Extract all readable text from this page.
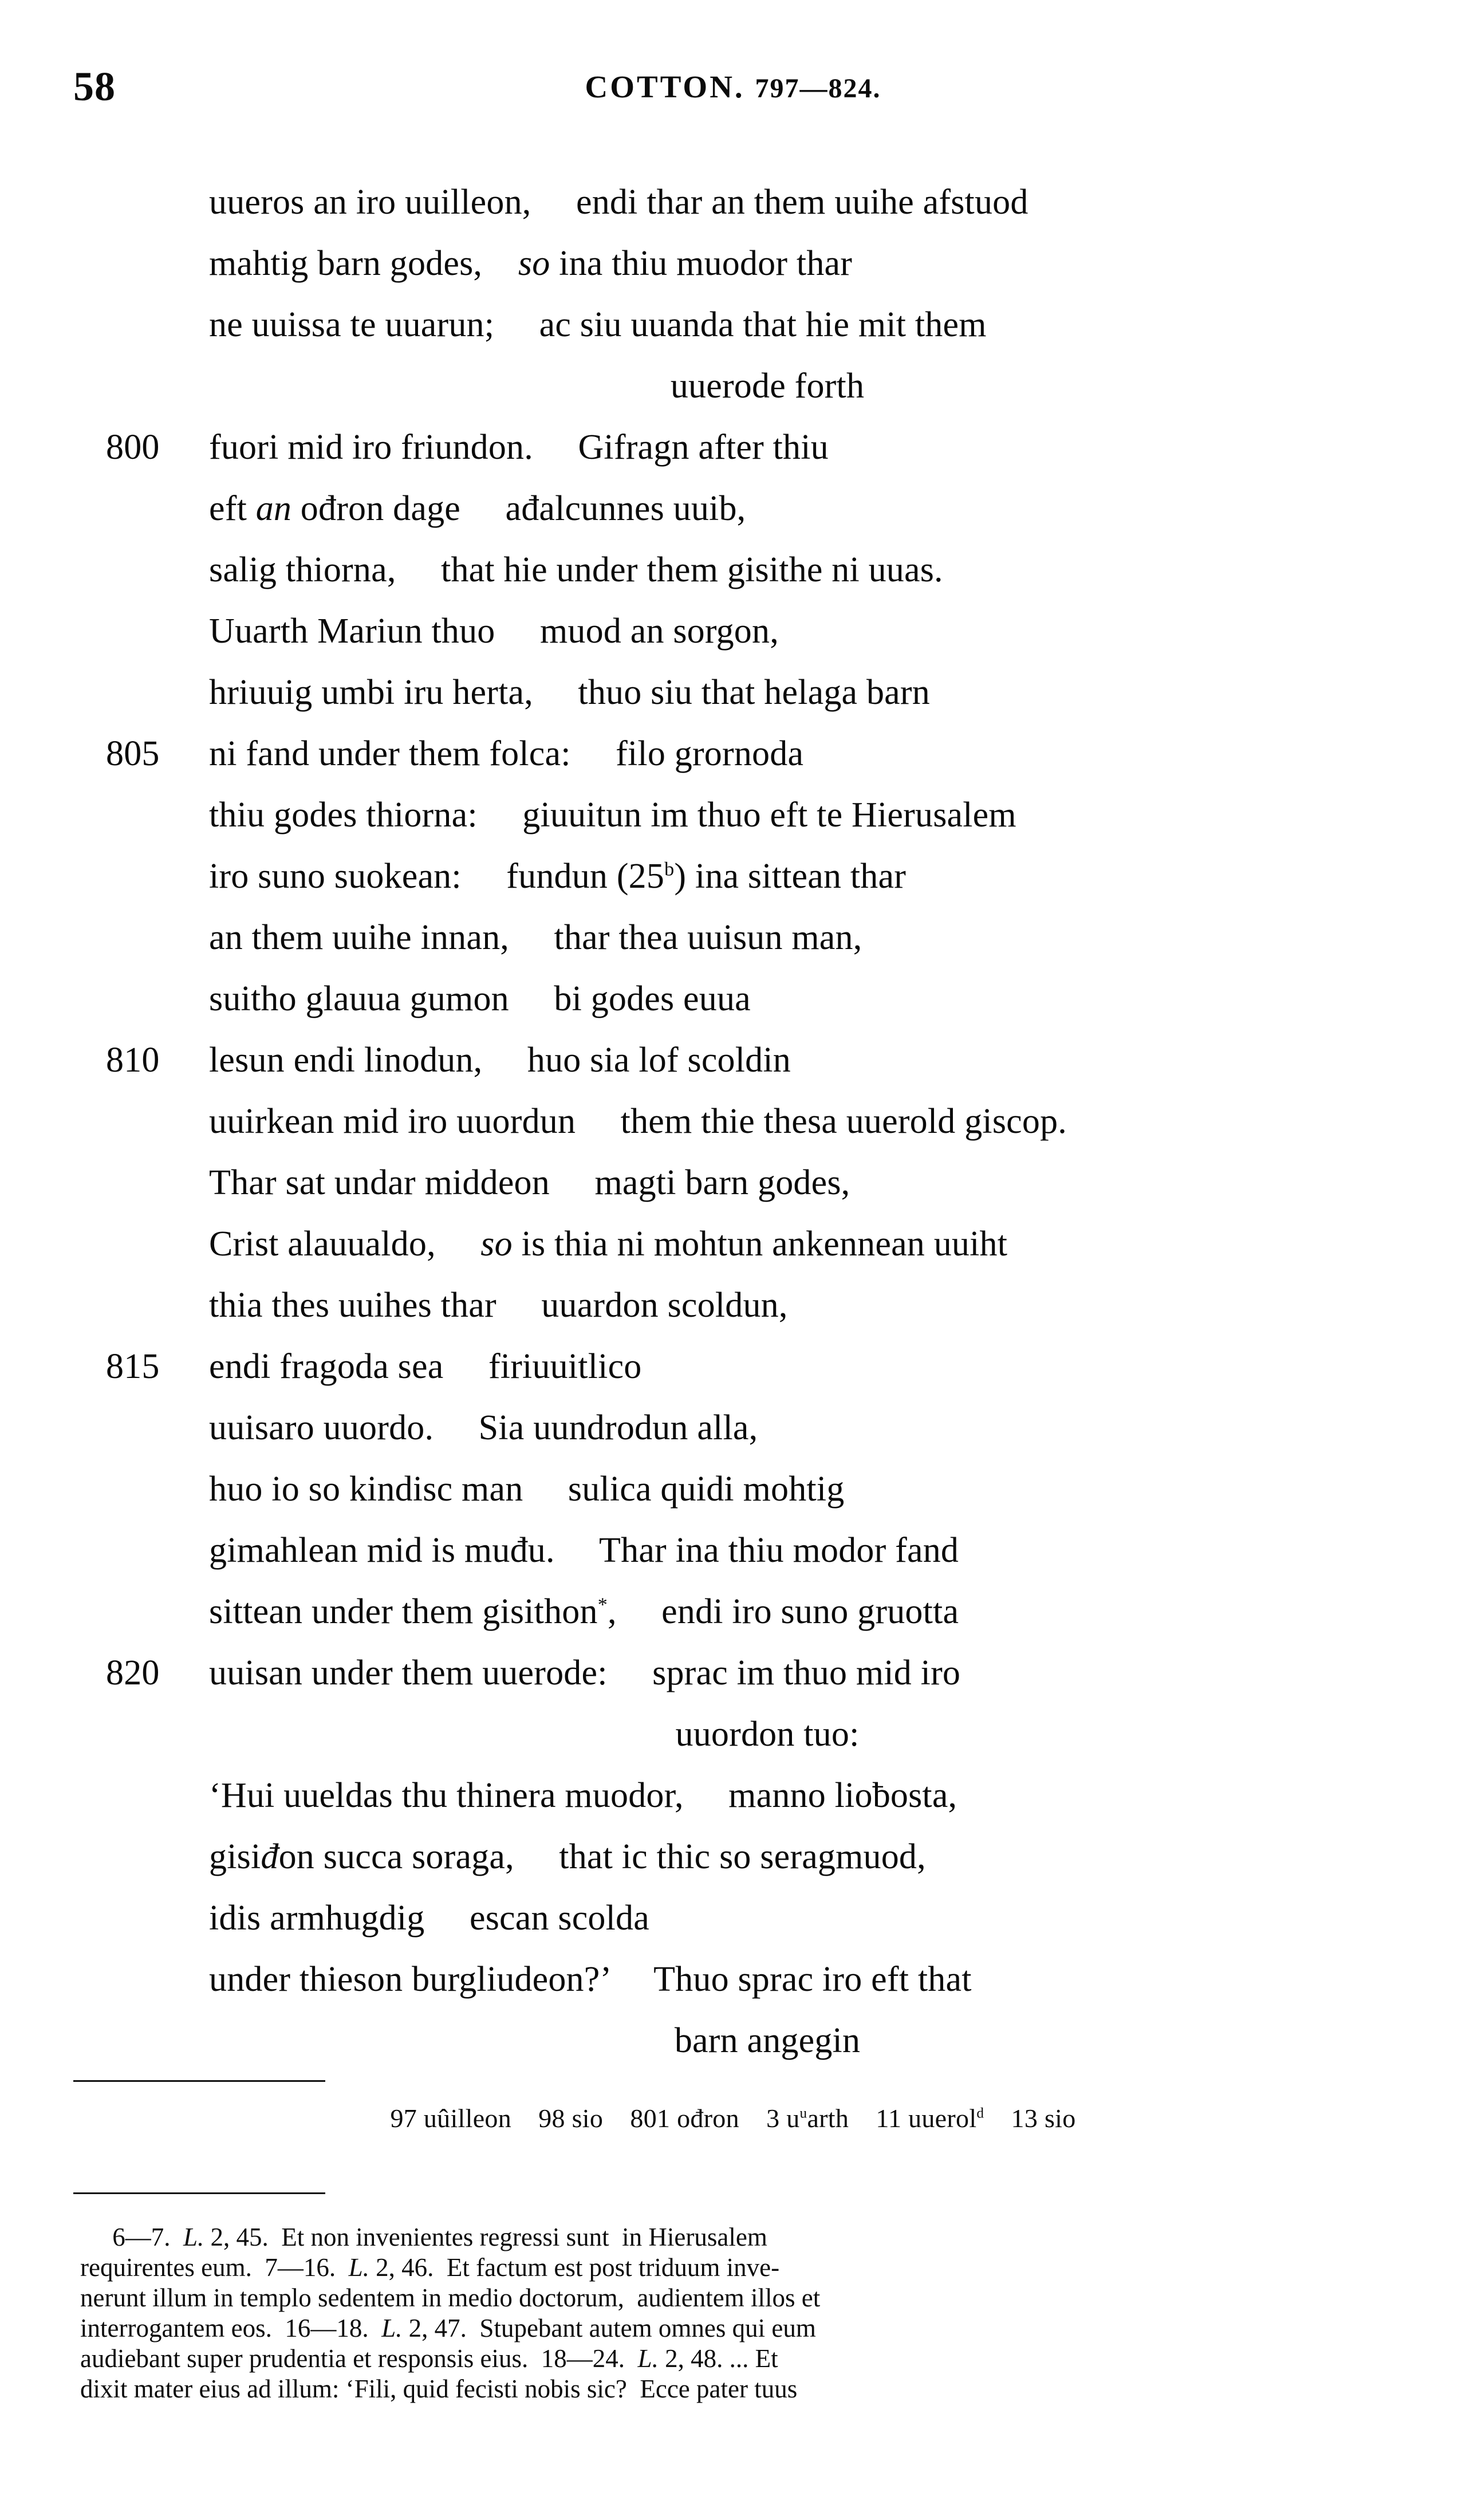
58	COTTON. 797—824.
uueros an iro uuilleon,     endi thar an them uuihe afstuod
mahtig barn godes,    so ina thiu muodor thar
ne uuissa te uuarun;     ac siu uuanda that hie mit them
uuerode forth
800	fuori mid iro friundon.     Gifragn after thiu
eft an ođron dage     ađalcunnes uuib,
salig thiorna,     that hie under them gisithe ni uuas.
Uuarth Mariun thuo     muod an sorgon,
hriuuig umbi iru herta,     thuo siu that helaga barn
805	ni fand under them folca:     filo grornoda
thiu godes thiorna:     giuuitun im thuo eft te Hierusalem
iro suno suokean:     fundun (25$^b$) ina sittean thar
an them uuihe innan,     thar thea uuisun man,
suitho glauua gumon     bi godes euua
810	lesun endi linodun,     huo sia lof scoldin
uuirkean mid iro uuordun     them thie thesa uuerold giscop.
Thar sat undar middeon     magti barn godes,
Crist alauualdo,     so is thia ni mohtun ankennean uuiht
thia thes uuihes thar     uuardon scoldun,
815	endi fragoda sea     firiuuitlico
uuisaro uuordo.     Sia uundrodun alla,
huo io so kindisc man     sulica quidi mohtig
gimahlean mid is muđu.     Thar ina thiu modor fand
sittean under them gisithon*,     endi iro suno gruotta
820	uuisan under them uuerode:     sprac im thuo mid iro
uuordon tuo:
‘Hui uueldas thu thinera muodor,     manno lioƀosta,
gisiđon succa soraga,     that ic thic so seragmuod,
idis armhugdig     escan scolda
under thieson burgliudeon?’     Thuo sprac iro eft that
barn angegin
97 uûilleon    98 sio    801 ođron    3 $u^uarth$    11 uuerol$^d$    13 sio
6—7.  L. 2, 45.  Et non invenientes regressi sunt  in Hierusalem
requirentes eum.  7—16.  L. 2, 46.  Et factum est post triduum inve-
nerunt illum in templo sedentem in medio doctorum,  audientem illos et
interrogantem eos.  16—18.  L. 2, 47.  Stupebant autem omnes qui eum
audiebant super prudentia et responsis eius.  18—24.  L. 2, 48. ... Et
dixit mater eius ad illum: ‘Fili, quid fecisti nobis sic?  Ecce pater tuus
